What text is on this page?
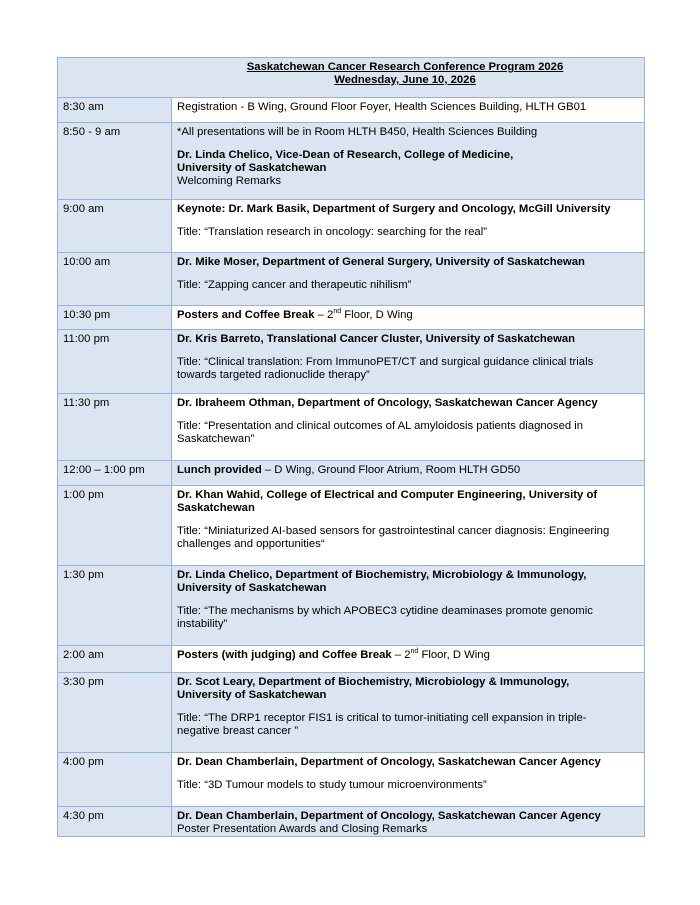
Saskatchewan Cancer Research Conference Program 2026
Wednesday, June 10, 2026	

8:30 am	Registration - B Wing, Ground Floor Foyer, Health Sciences Building, HLTH GB01

8:50 - 9 am	*All presentations will be in Room HLTH B450, Health Sciences Building

Dr. Linda Chelico, Vice-Dean of Research, College of Medicine,

University of Saskatchewan

Welcoming Remarks

9:00 am	Keynote: Dr. Mark Basik, Department of Surgery and Oncology, McGill University

Title: “Translation research in oncology: searching for the real”

10:00 am	Dr. Mike Moser, Department of General Surgery, University of Saskatchewan

Title: “Zapping cancer and therapeutic nihilism”

10:30 pm	Posters and Coffee Break – 2nd Floor, D Wing

11:00 pm	Dr. Kris Barreto, Translational Cancer Cluster, University of Saskatchewan

Title: “Clinical translation: From ImmunoPET/CT and surgical guidance clinical trials

towards targeted radionuclide therapy”

11:30 pm	Dr. Ibraheem Othman, Department of Oncology, Saskatchewan Cancer Agency

Title: “Presentation and clinical outcomes of AL amyloidosis patients diagnosed in

Saskatchewan”

12:00 – 1:00 pm	Lunch provided – D Wing, Ground Floor Atrium, Room HLTH GD50

1:00 pm	Dr. Khan Wahid, College of Electrical and Computer Engineering, University of

Saskatchewan

Title: “Miniaturized AI-based sensors for gastrointestinal cancer diagnosis: Engineering

challenges and opportunities“

1:30 pm	Dr. Linda Chelico, Department of Biochemistry, Microbiology & Immunology,

University of Saskatchewan

Title: “The mechanisms by which APOBEC3 cytidine deaminases promote genomic

instability”

2:00 am	Posters (with judging) and Coffee Break – 2nd Floor, D Wing

3:30 pm	Dr. Scot Leary, Department of Biochemistry, Microbiology & Immunology,

University of Saskatchewan

Title: “The DRP1 receptor FIS1 is critical to tumor-initiating cell expansion in triple-

negative breast cancer ”

4:00 pm	Dr. Dean Chamberlain, Department of Oncology, Saskatchewan Cancer Agency

Title: “3D Tumour models to study tumour microenvironments”

4:30 pm	Dr. Dean Chamberlain, Department of Oncology, Saskatchewan Cancer Agency

Poster Presentation Awards and Closing Remarks
